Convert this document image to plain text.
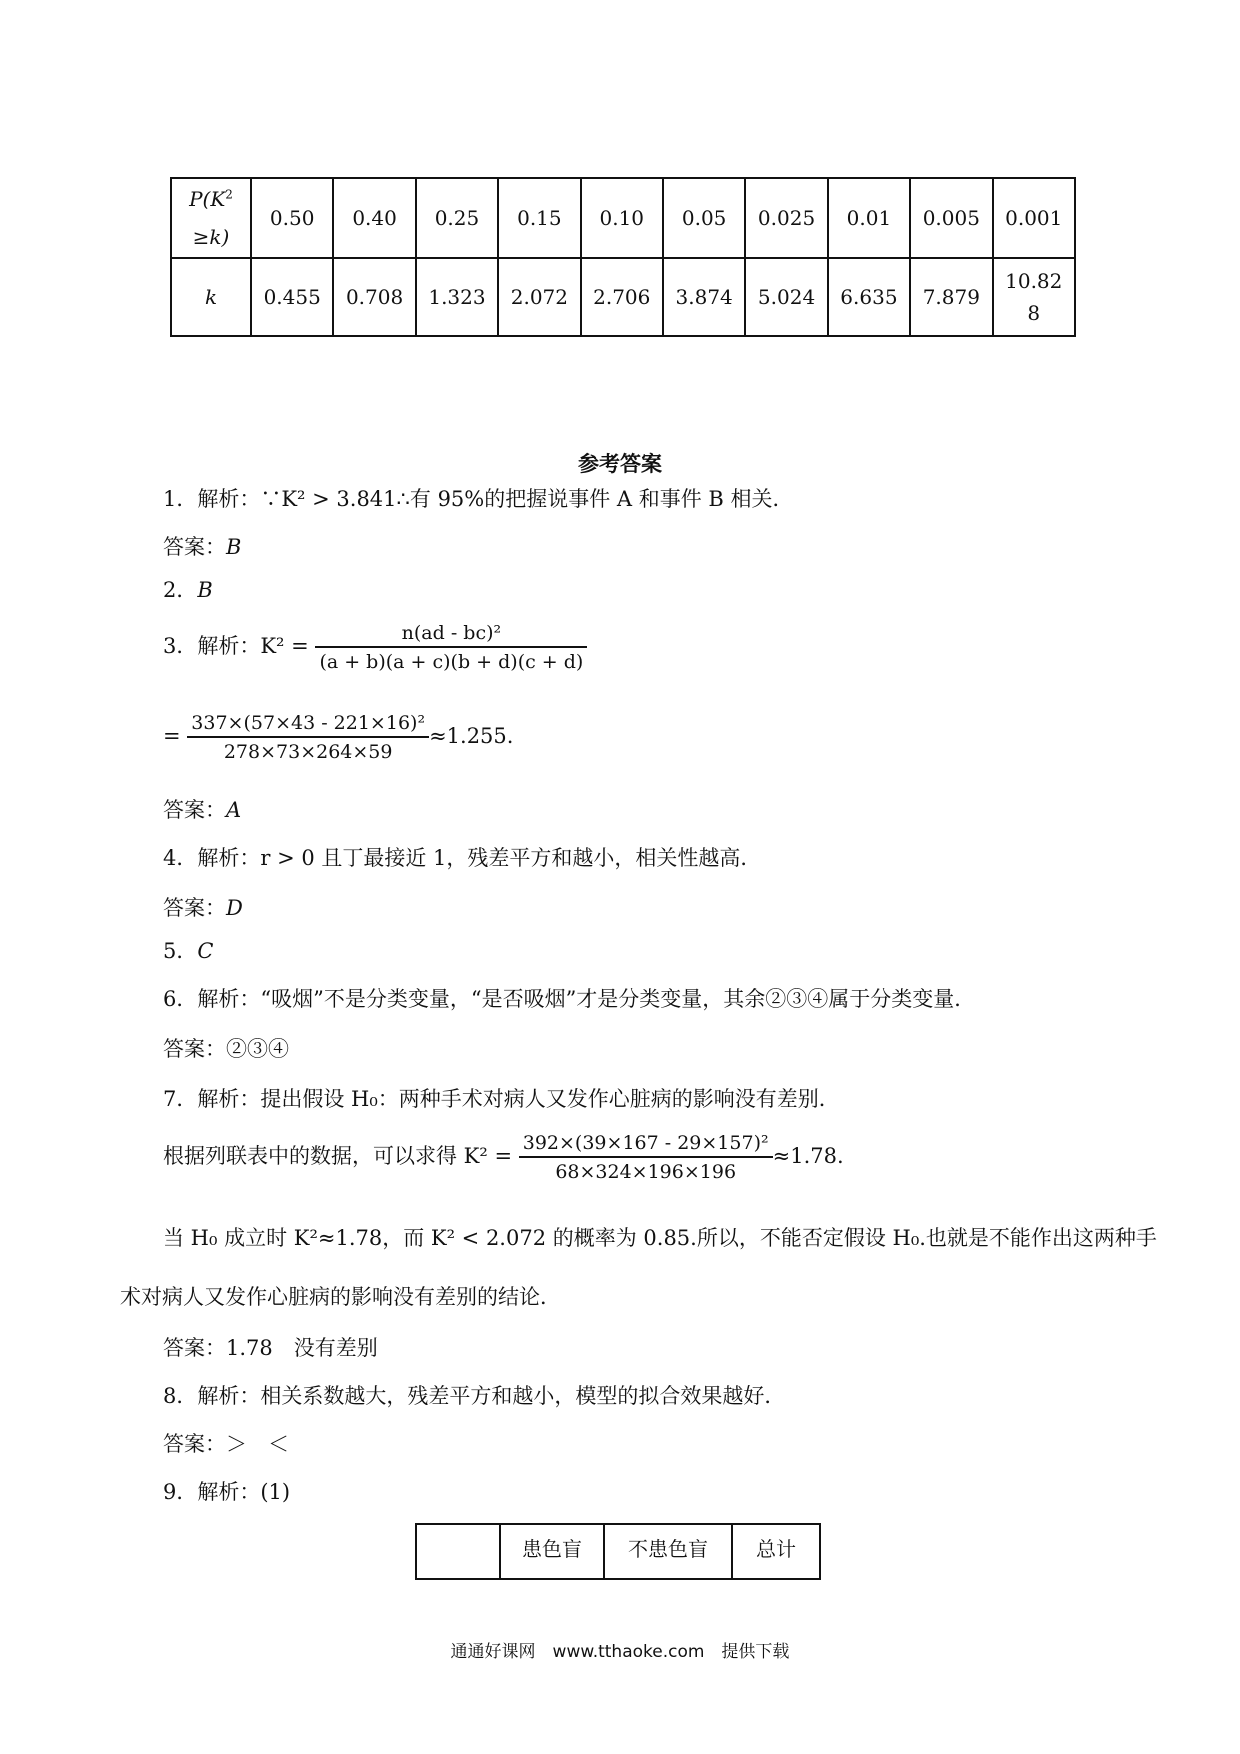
$P(K^2$
≥k)	0.50	0.40	0.25	0.15	0.10	0.05	0.025	0.01	0.005	0.001
k	0.455	0.708	1.323	2.072	2.706	3.874	5.024	6.635	7.879	10.82
8
参考答案
1．解析：∵K² > 3.841∴有 95%的把握说事件 A 和事件 B 相关．
答案：B
2．B
3．解析：$K^2 = \frac{\text{n(ad - bc)²}}{(a + b)(a + c)(b + d)(c + d)}$
= $\frac{\text{337×(57×43 - 221×16)²}}{278\times 73\times 264\times 59} \approx 1.255$.
答案：A
4．解析：r > 0 且丁最接近 1，残差平方和越小，相关性越高．
答案：D
5．C
6．解析：“吸烟”不是分类变量，“是否吸烟”才是分类变量，其余②③④属于分类变量．
答案：②③④
7．解析：提出假设 H₀：两种手术对病人又发作心脏病的影响没有差别．
根据列联表中的数据，可以求得 $K^2 = \frac{\text{392×(39×167 - 29×157)²}}{68\times 324\times 196\times 196} \approx 1.78$.
当 H₀ 成立时 K²≈1.78，而 K² < 2.072 的概率为 0.85.所以，不能否定假设 H₀.也就是不能作出这两种手
术对病人又发作心脏病的影响没有差别的结论．
答案：1.78　没有差别
8．解析：相关系数越大，残差平方和越小，模型的拟合效果越好．
答案：＞　＜
9．解析：(1)
	患色盲	不患色盲	总计
通通好课网　www.tthaoke.com　提供下载
